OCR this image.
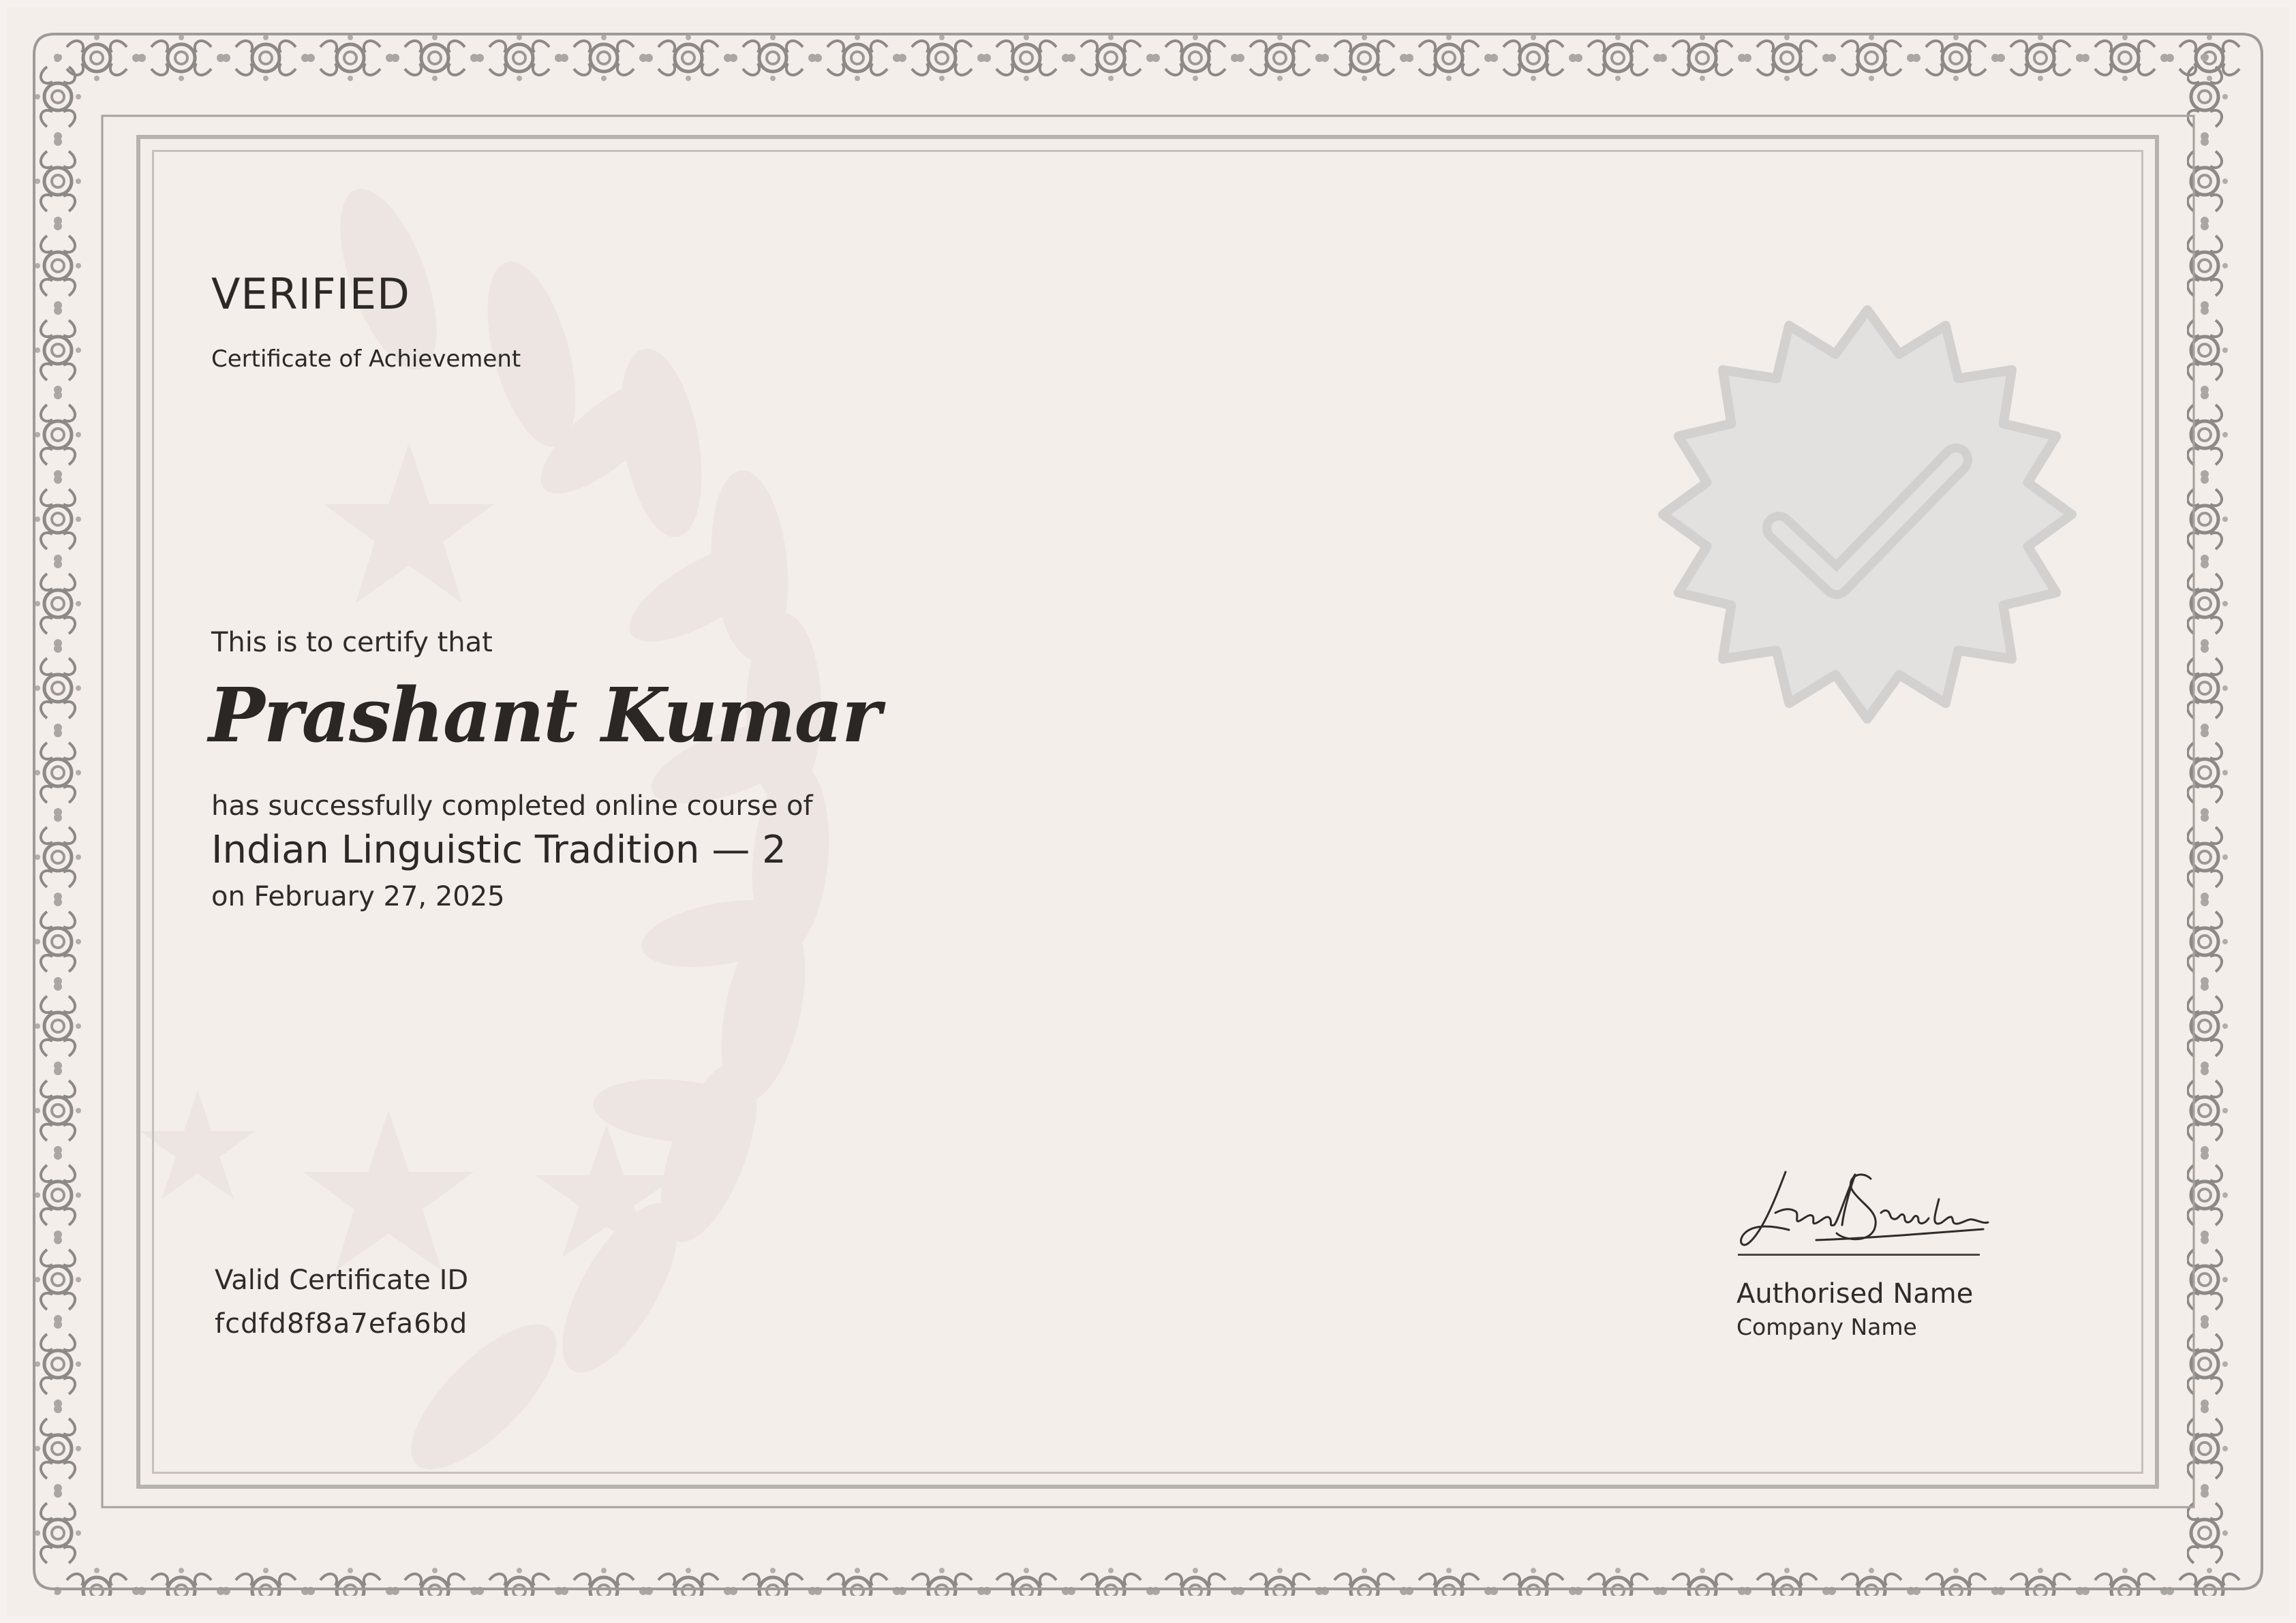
VERIFIED
Certificate of Achievement
This is to certify that
Prashant Kumar
has successfully completed online course of
Indian Linguistic Tradition — 2
on February 27, 2025
Valid Certificate ID
fcdfd8f8a7efa6bd
Authorised Name
Company Name
